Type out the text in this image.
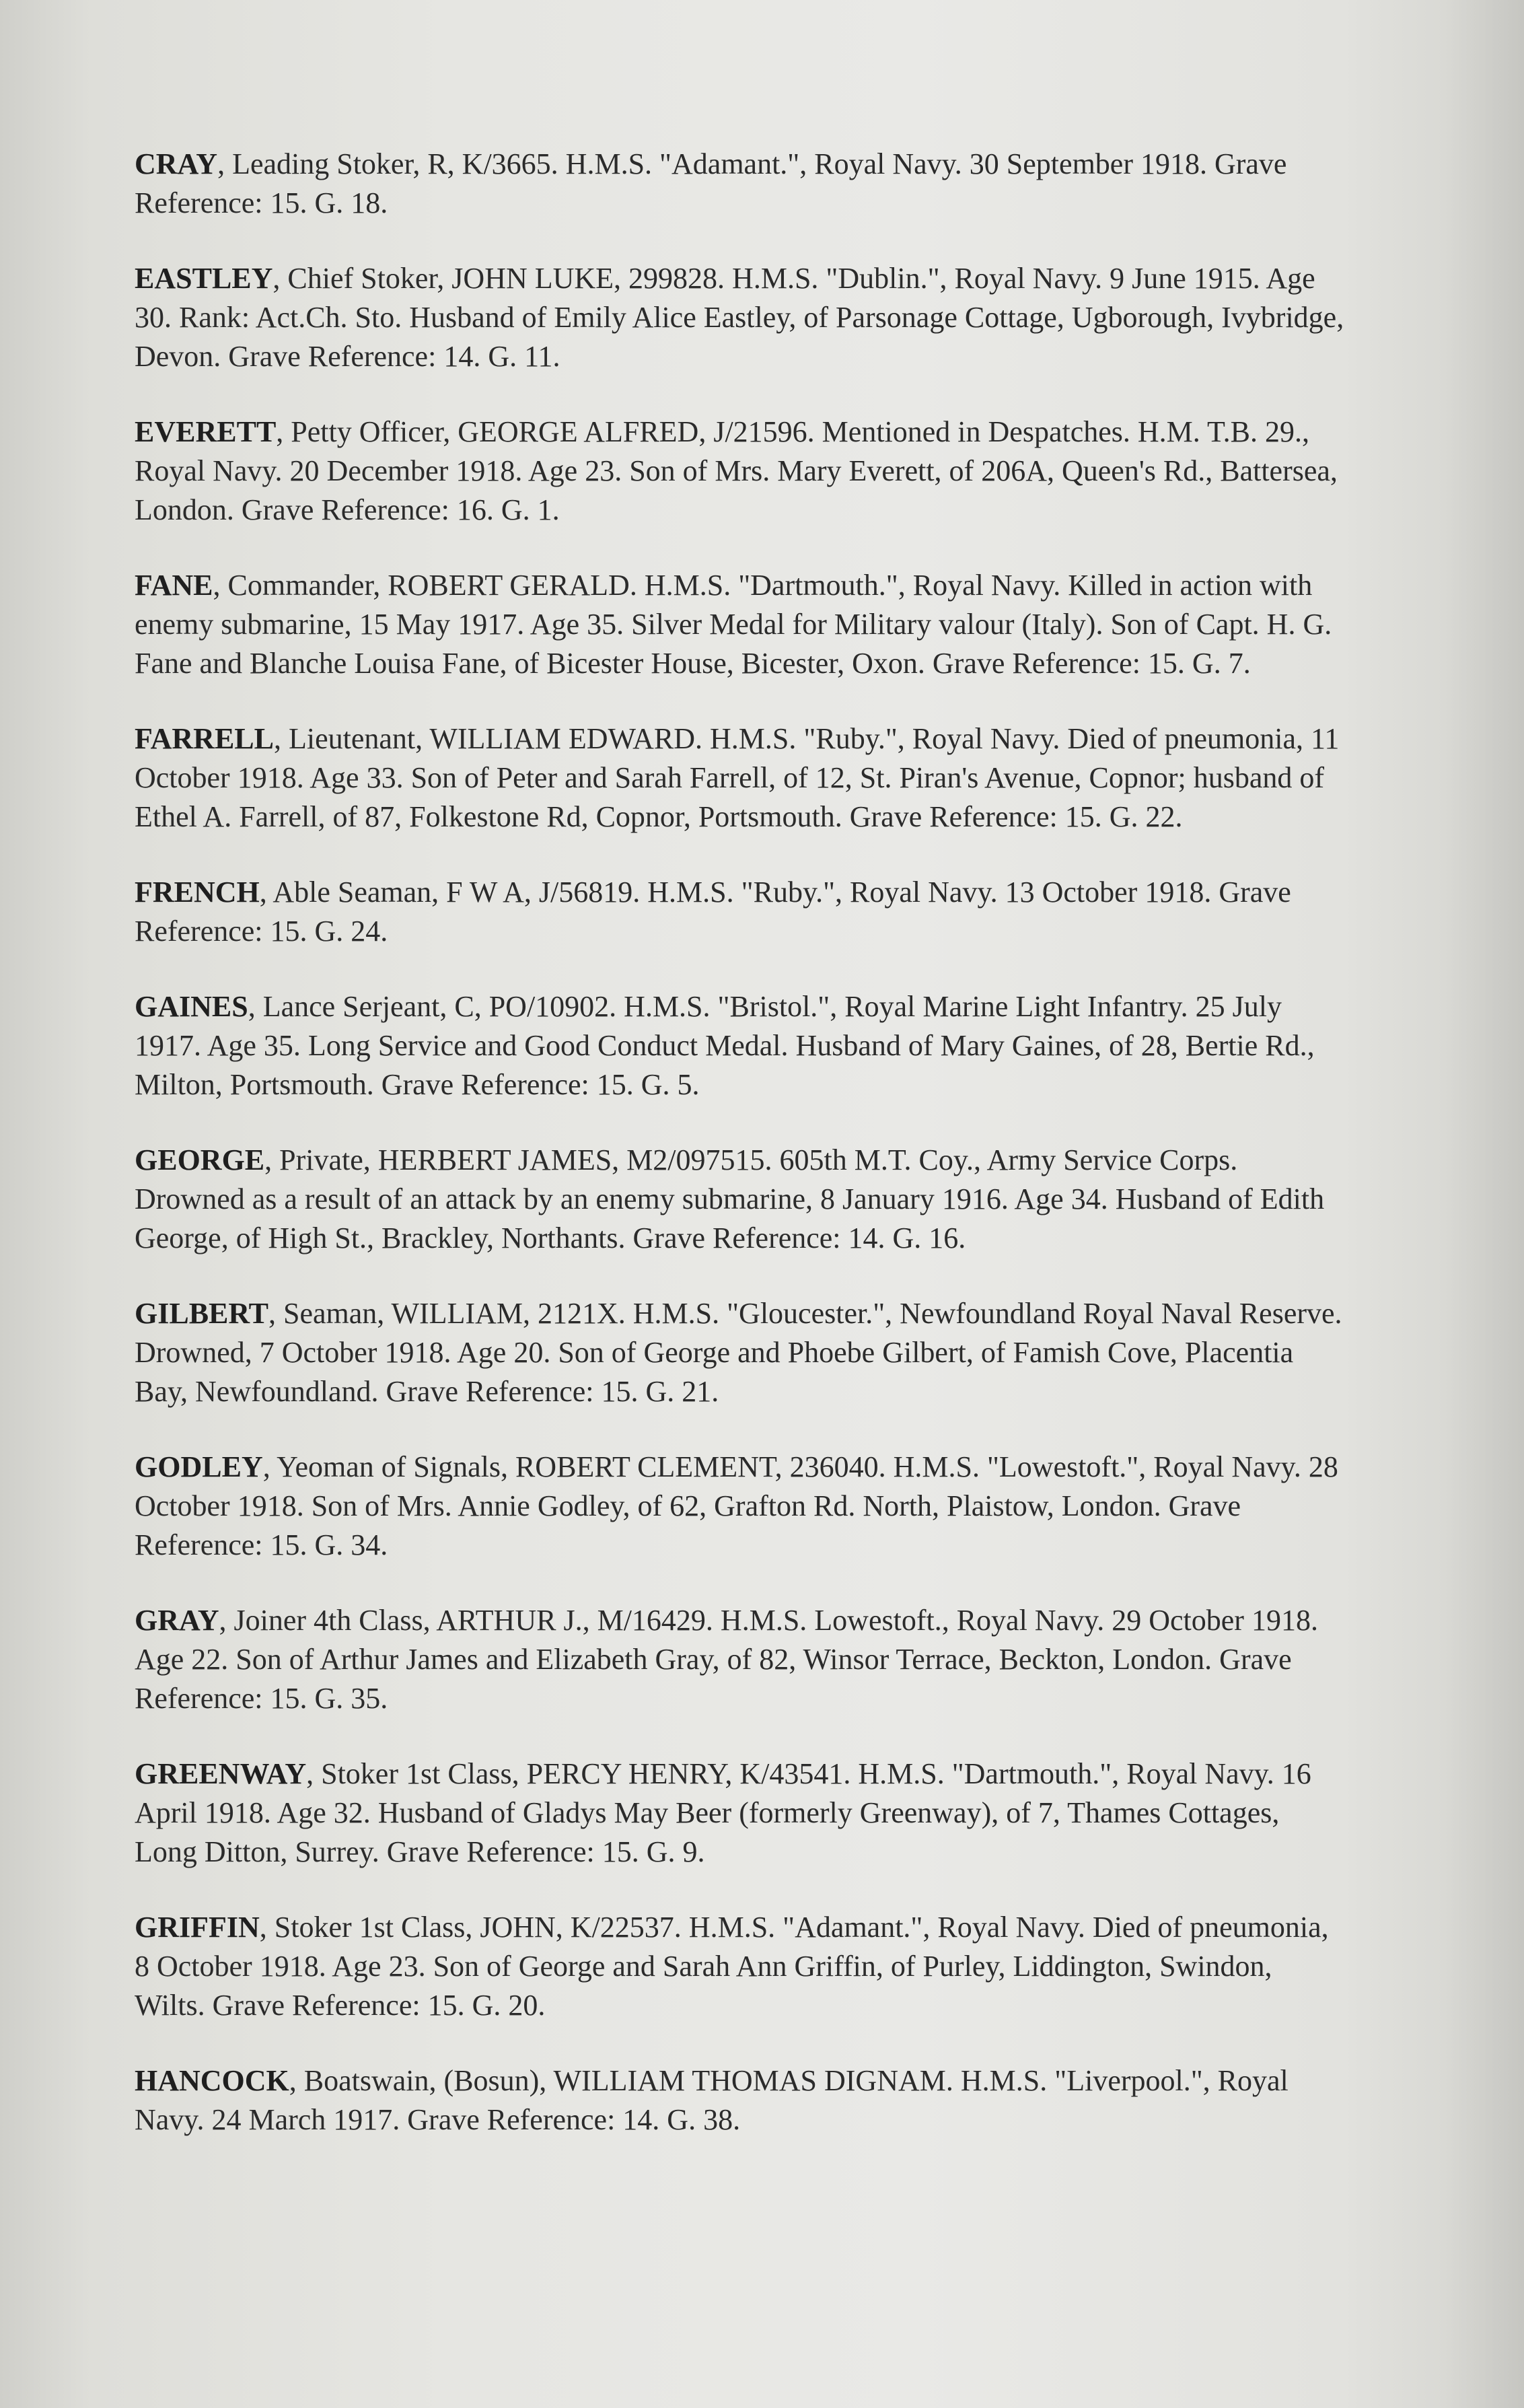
CRAY, Leading Stoker, R, K/3665. H.M.S. "Adamant.", Royal Navy. 30 September 1918. Grave Reference: 15. G. 18.

EASTLEY, Chief Stoker, JOHN LUKE, 299828. H.M.S. "Dublin.", Royal Navy. 9 June 1915. Age 30. Rank: Act.Ch. Sto. Husband of Emily Alice Eastley, of Parsonage Cottage, Ugborough, Ivybridge, Devon. Grave Reference: 14. G. 11.

EVERETT, Petty Officer, GEORGE ALFRED, J/21596. Mentioned in Despatches. H.M. T.B. 29., Royal Navy. 20 December 1918. Age 23. Son of Mrs. Mary Everett, of 206A, Queen's Rd., Battersea, London. Grave Reference: 16. G. 1.

FANE, Commander, ROBERT GERALD. H.M.S. "Dartmouth.", Royal Navy. Killed in action with enemy submarine, 15 May 1917. Age 35. Silver Medal for Military valour (Italy). Son of Capt. H. G. Fane and Blanche Louisa Fane, of Bicester House, Bicester, Oxon. Grave Reference: 15. G. 7.

FARRELL, Lieutenant, WILLIAM EDWARD. H.M.S. "Ruby.", Royal Navy. Died of pneumonia, 11 October 1918. Age 33. Son of Peter and Sarah Farrell, of 12, St. Piran's Avenue, Copnor; husband of Ethel A. Farrell, of 87, Folkestone Rd, Copnor, Portsmouth. Grave Reference: 15. G. 22.

FRENCH, Able Seaman, F W A, J/56819. H.M.S. "Ruby.", Royal Navy. 13 October 1918. Grave Reference: 15. G. 24.

GAINES, Lance Serjeant, C, PO/10902. H.M.S. "Bristol.", Royal Marine Light Infantry. 25 July 1917. Age 35. Long Service and Good Conduct Medal. Husband of Mary Gaines, of 28, Bertie Rd., Milton, Portsmouth. Grave Reference: 15. G. 5.

GEORGE, Private, HERBERT JAMES, M2/097515. 605th M.T. Coy., Army Service Corps. Drowned as a result of an attack by an enemy submarine, 8 January 1916. Age 34. Husband of Edith George, of High St., Brackley, Northants. Grave Reference: 14. G. 16.

GILBERT, Seaman, WILLIAM, 2121X. H.M.S. "Gloucester.", Newfoundland Royal Naval Reserve. Drowned, 7 October 1918. Age 20. Son of George and Phoebe Gilbert, of Famish Cove, Placentia Bay, Newfoundland. Grave Reference: 15. G. 21.

GODLEY, Yeoman of Signals, ROBERT CLEMENT, 236040. H.M.S. "Lowestoft.", Royal Navy. 28 October 1918. Son of Mrs. Annie Godley, of 62, Grafton Rd. North, Plaistow, London. Grave Reference: 15. G. 34.

GRAY, Joiner 4th Class, ARTHUR J., M/16429. H.M.S. Lowestoft., Royal Navy. 29 October 1918. Age 22. Son of Arthur James and Elizabeth Gray, of 82, Winsor Terrace, Beckton, London. Grave Reference: 15. G. 35.

GREENWAY, Stoker 1st Class, PERCY HENRY, K/43541. H.M.S. "Dartmouth.", Royal Navy. 16 April 1918. Age 32. Husband of Gladys May Beer (formerly Greenway), of 7, Thames Cottages, Long Ditton, Surrey. Grave Reference: 15. G. 9.

GRIFFIN, Stoker 1st Class, JOHN, K/22537. H.M.S. "Adamant.", Royal Navy. Died of pneumonia, 8 October 1918. Age 23. Son of George and Sarah Ann Griffin, of Purley, Liddington, Swindon, Wilts. Grave Reference: 15. G. 20.

HANCOCK, Boatswain, (Bosun), WILLIAM THOMAS DIGNAM. H.M.S. "Liverpool.", Royal Navy. 24 March 1917. Grave Reference: 14. G. 38.
